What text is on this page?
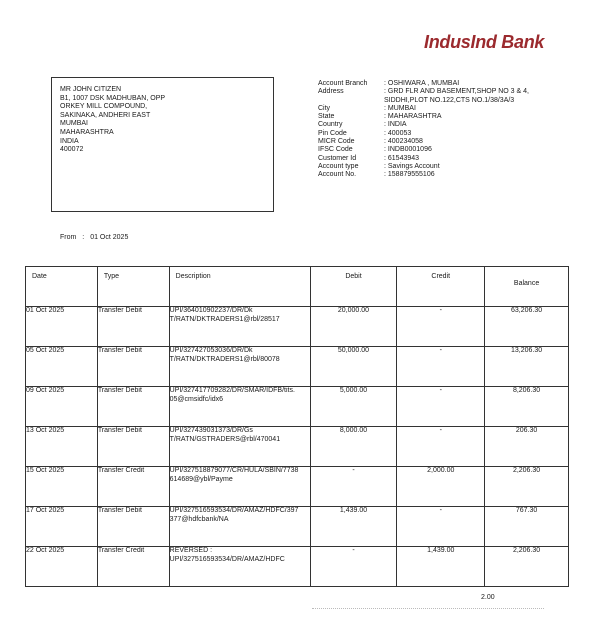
IndusInd Bank
MR JOHN CITIZEN
B1, 1007 DSK MADHUBAN, OPP
ORKEY MILL COMPOUND,
SAKINAKA, ANDHERI EAST
MUMBAI
MAHARASHTRA
INDIA
400072
Account Branch	: OSHIWARA , MUMBAI
Address	: GRD FLR AND BASEMENT,SHOP NO 3 & 4, SIDDHI,PLOT NO.122,CTS NO.1/38/3A/3
City	: MUMBAI
State	: MAHARASHTRA
Country	: INDIA
Pin Code	: 400053
MICR Code	: 400234058
IFSC Code	: INDB0001096
Customer Id	: 61543943
Account type	: Savings Account
Account No.	: 158879555106
From : 01 Oct 2025
Date	Type	Description	Debit	Credit	Balance
01 Oct 2025	Transfer Debit	UPI/364010902237/DR/Dk
T/RATN/DKTRADERS1@rbl/28517	20,000.00	-	63,206.30
05 Oct 2025	Transfer Debit	UPI/327427053036/DR/Dk
T/RATN/DKTRADERS1@rbl/80078	50,000.00	-	13,206.30
09 Oct 2025	Transfer Debit	UPI/327417709282/DR/SMAR/IDFB/tits.
05@cmsidfc/idx6	5,000.00	-	8,206.30
13 Oct 2025	Transfer Debit	UPI/327439031373/DR/Gs
T/RATN/GSTRADERS@rbl/470041	8,000.00	-	206.30
15 Oct 2025	Transfer Credit	UPI/327518879077/CR/HULA/SBIN/7738
614689@ybl/Payme	-	2,000.00	2,206.30
17 Oct 2025	Transfer Debit	UPI/327516593534/DR/AMAZ/HDFC/397
377@hdfcbank/NA	1,439.00	-	767.30
22 Oct 2025	Transfer Credit	REVERSED :
UPI/327516593534/DR/AMAZ/HDFC	-	1,439.00	2,206.30
2.00
